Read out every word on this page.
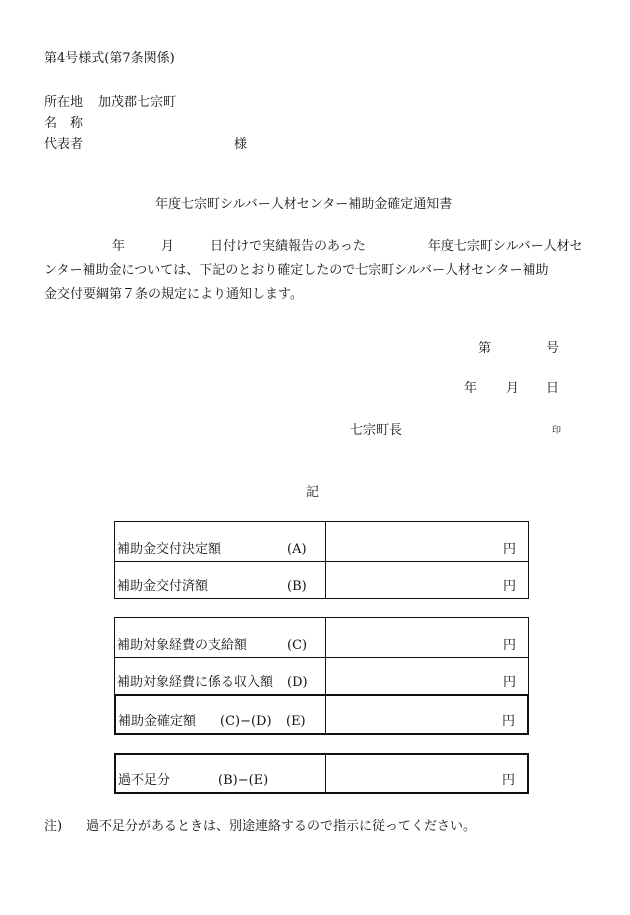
第4号様式(第7条関係)
所在地 加茂郡七宗町
名　称
代表者	様
年度七宗町シルバー人材センター補助金確定通知書
年	月	日付けで実績報告のあった	年度七宗町シルバー人材セ
ンター補助金については、下記のとおり確定したので七宗町シルバー人材センター補助
金交付要綱第７条の規定により通知します。
第	号
年 月 日
七宗町長	印
記
補助金交付決定額	(A)	円
補助金交付済額	(B)	円
補助対象経費の支給額	(C)	円
補助対象経費に係る収入額 (D)	円
補助金確定額 (C)−(D) (E)	円
過不足分	(B)−(E)	円
注) 過不足分があるときは、別途連絡するので指示に従ってください。
